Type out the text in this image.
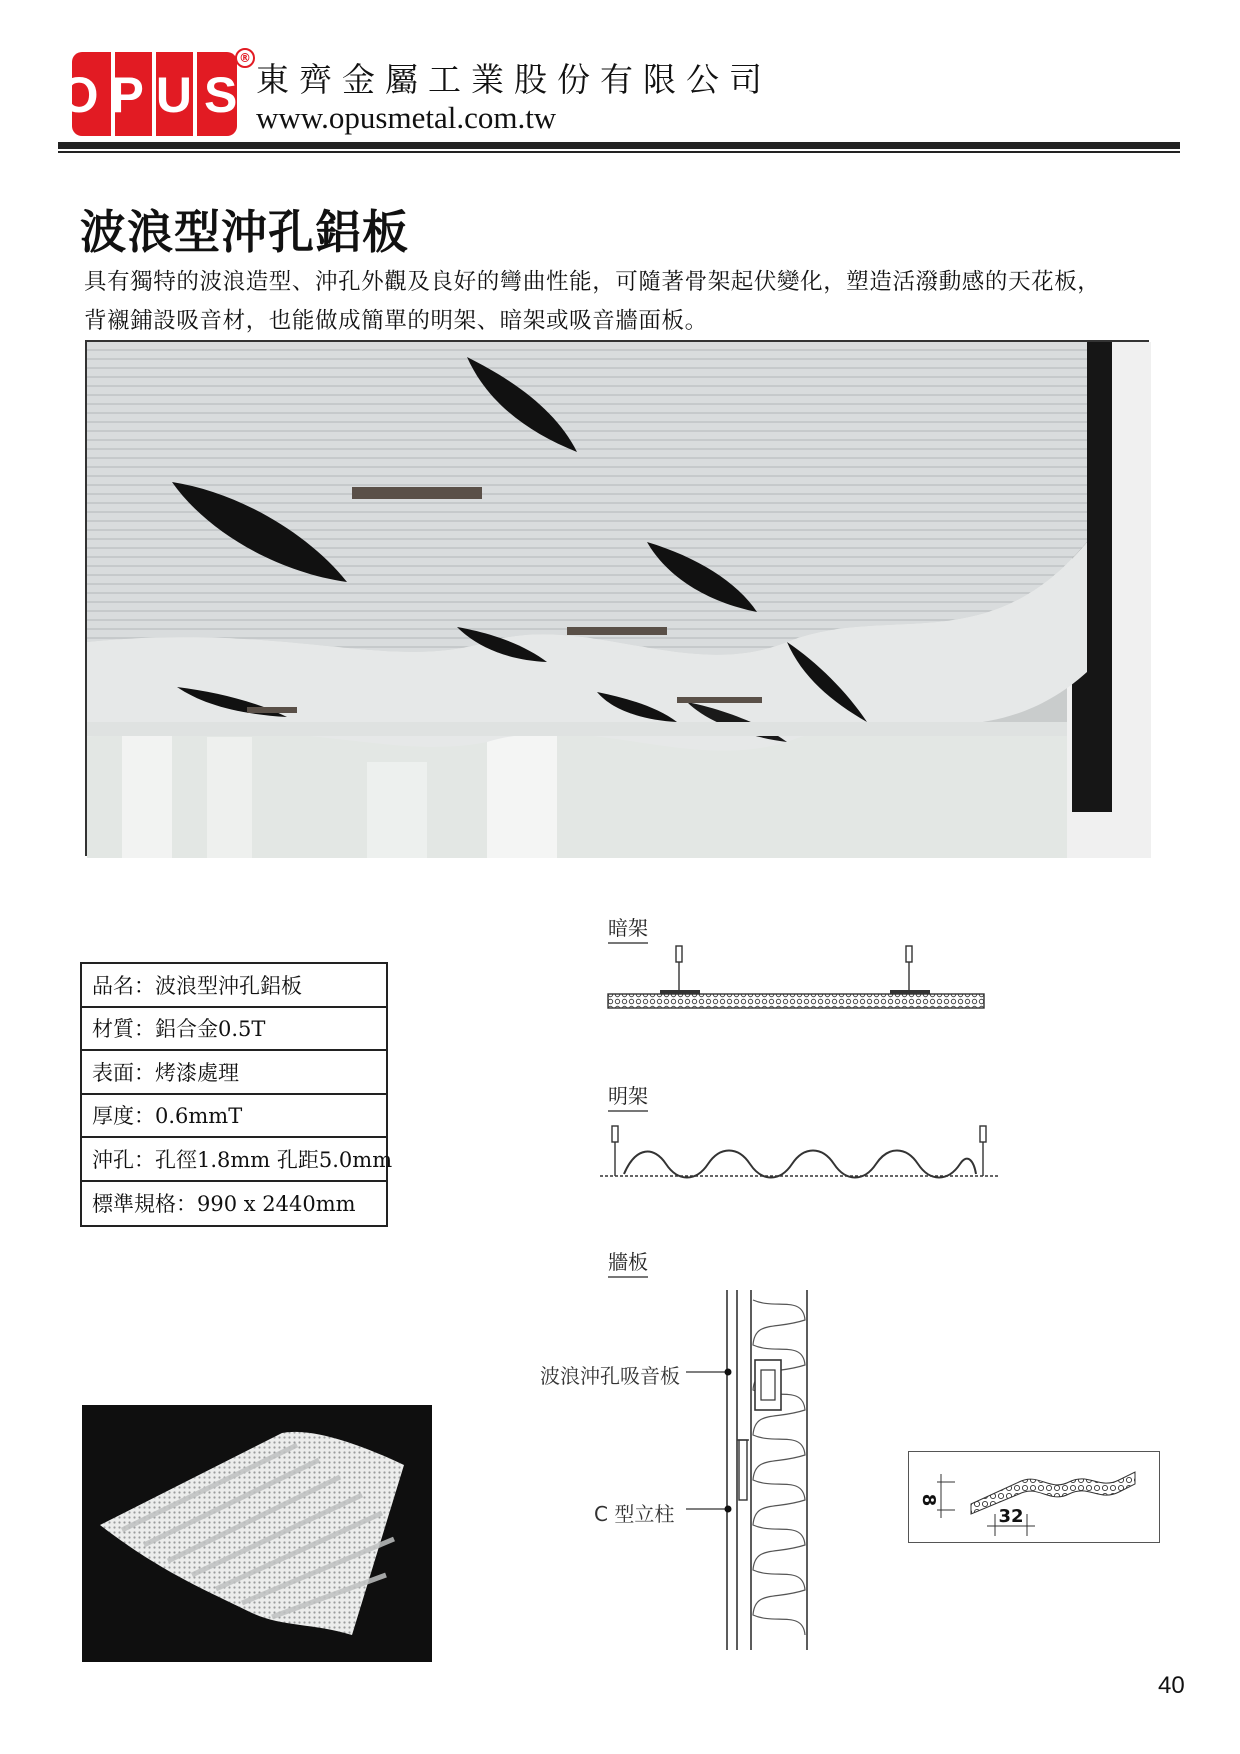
OPUS
®
東齊金屬工業股份有限公司
www.opusmetal.com.tw
波浪型沖孔鋁板
具有獨特的波浪造型、沖孔外觀及良好的彎曲性能，可隨著骨架起伏變化，塑造活潑動感的天花板，
背襯鋪設吸音材，也能做成簡單的明架、暗架或吸音牆面板。
品名：波浪型沖孔鋁板
材質：鋁合金0.5T
表面：烤漆處理
厚度：0.6mmT
沖孔：孔徑1.8mm 孔距5.0mm
標準規格：990 x 2440mm
暗架
明架
牆板
波浪沖孔吸音板
C 型立柱
8
32
40
